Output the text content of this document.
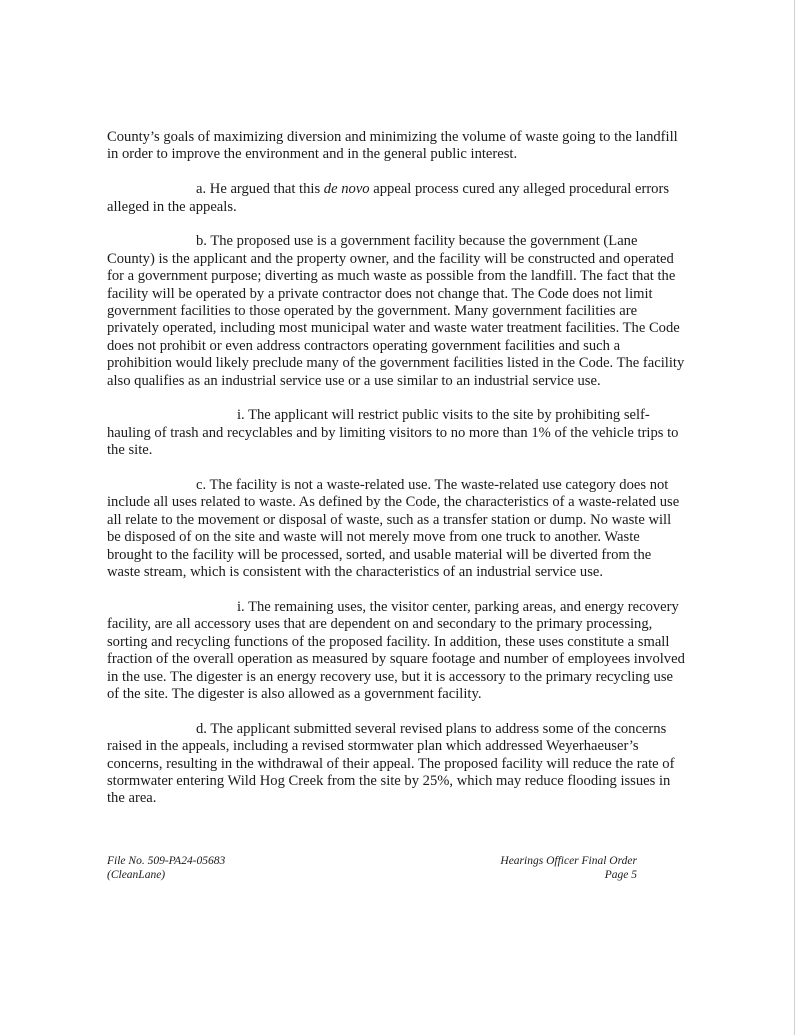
County’s goals of maximizing diversion and minimizing the volume of waste going to the landfill in order to improve the environment and in the general public interest.

a. He argued that this de novo appeal process cured any alleged procedural errors alleged in the appeals.

b. The proposed use is a government facility because the government (Lane County) is the applicant and the property owner, and the facility will be constructed and operated for a government purpose; diverting as much waste as possible from the landfill. The fact that the facility will be operated by a private contractor does not change that. The Code does not limit government facilities to those operated by the government. Many government facilities are privately operated, including most municipal water and waste water treatment facilities. The Code does not prohibit or even address contractors operating government facilities and such a prohibition would likely preclude many of the government facilities listed in the Code. The facility also qualifies as an industrial service use or a use similar to an industrial service use.

i. The applicant will restrict public visits to the site by prohibiting self-hauling of trash and recyclables and by limiting visitors to no more than 1% of the vehicle trips to the site.

c. The facility is not a waste-related use. The waste-related use category does not include all uses related to waste. As defined by the Code, the characteristics of a waste-related use all relate to the movement or disposal of waste, such as a transfer station or dump. No waste will be disposed of on the site and waste will not merely move from one truck to another. Waste brought to the facility will be processed, sorted, and usable material will be diverted from the waste stream, which is consistent with the characteristics of an industrial service use.

i. The remaining uses, the visitor center, parking areas, and energy recovery facility, are all accessory uses that are dependent on and secondary to the primary processing, sorting and recycling functions of the proposed facility. In addition, these uses constitute a small fraction of the overall operation as measured by square footage and number of employees involved in the use. The digester is an energy recovery use, but it is accessory to the primary recycling use of the site. The digester is also allowed as a government facility.

d. The applicant submitted several revised plans to address some of the concerns raised in the appeals, including a revised stormwater plan which addressed Weyerhaeuser’s concerns, resulting in the withdrawal of their appeal. The proposed facility will reduce the rate of stormwater entering Wild Hog Creek from the site by 25%, which may reduce flooding issues in the area.

File No. 509-PA24-05683
(CleanLane)
Hearings Officer Final Order
Page 5
